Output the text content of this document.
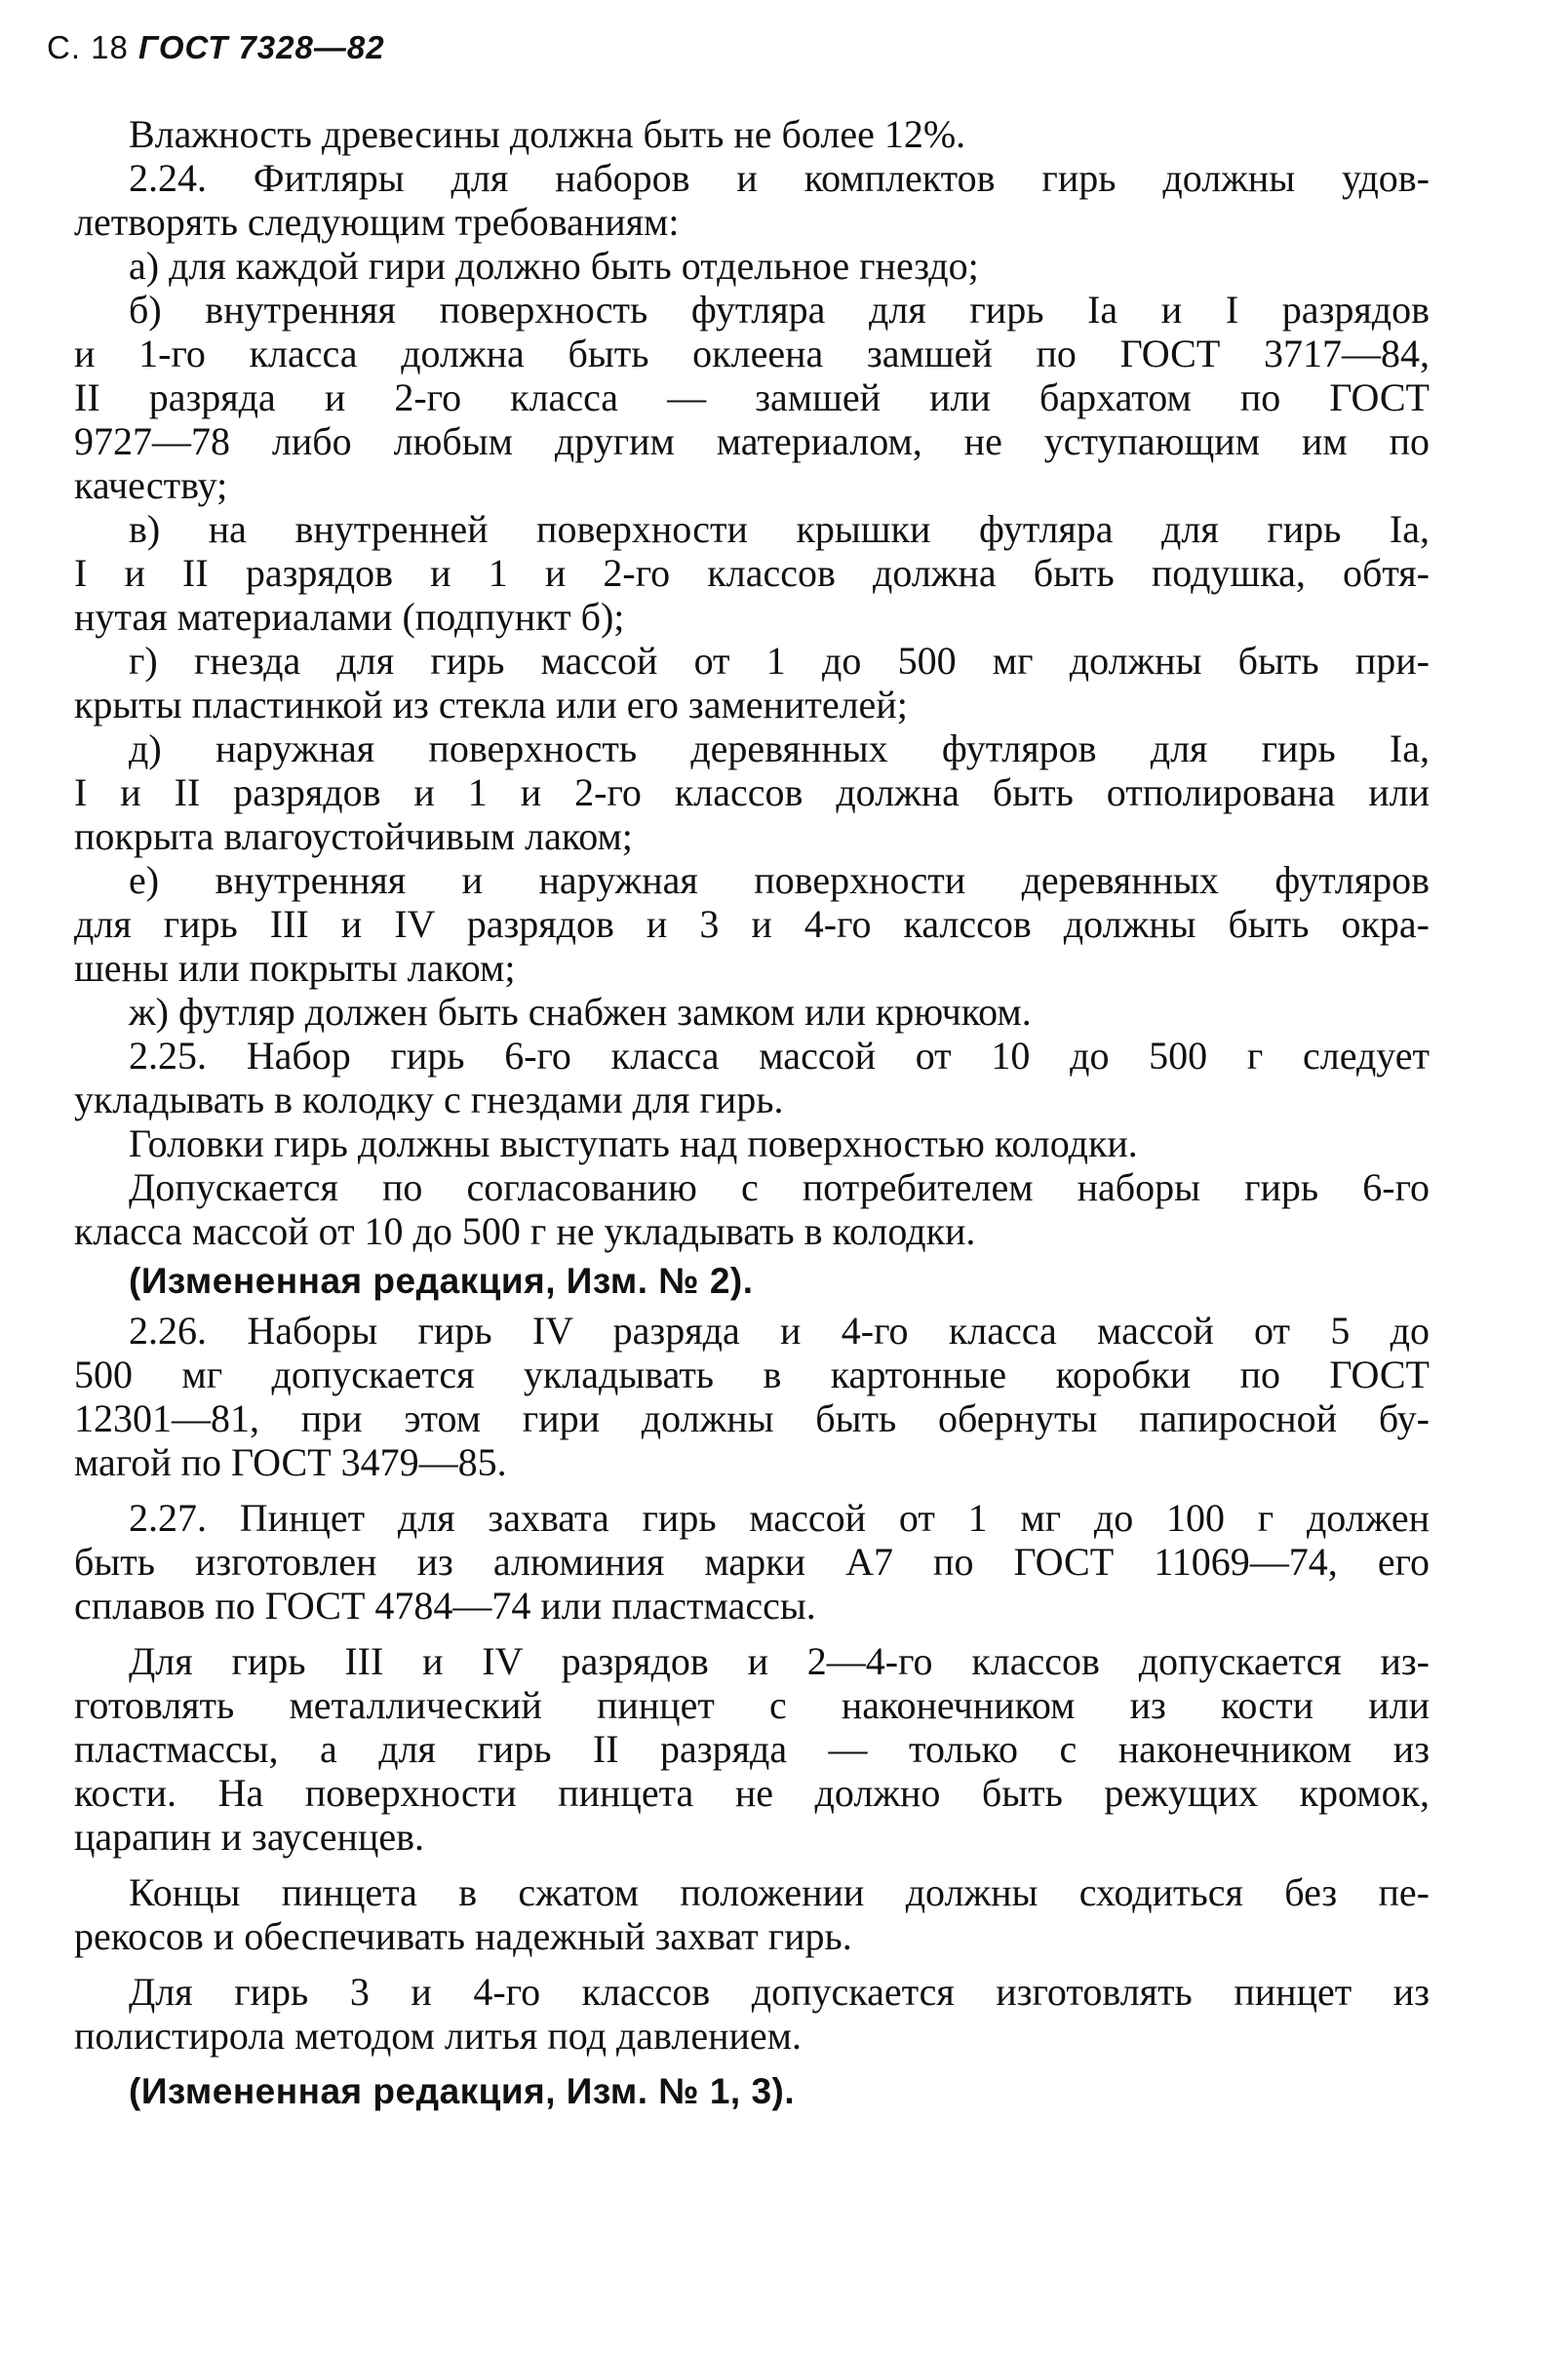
С. 18 ГОСТ 7328—82
Влажность древесины должна быть не более 12%.
2.24. Фитляры для наборов и комплектов гирь должны удов-
летворять следующим требованиям:
а) для каждой гири должно быть отдельное гнездо;
б) внутренняя поверхность футляра для гирь Iа и I разрядов
и 1-го класса должна быть оклеена замшей по ГОСТ 3717—84,
II разряда и 2-го класса — замшей или бархатом по ГОСТ
9727—78 либо любым другим материалом, не уступающим им по
качеству;
в) на внутренней поверхности крышки футляра для гирь Iа,
I и II разрядов и 1 и 2-го классов должна быть подушка, обтя-
нутая материалами (подпункт б);
г) гнезда для гирь массой от 1 до 500 мг должны быть при-
крыты пластинкой из стекла или его заменителей;
д) наружная поверхность деревянных футляров для гирь Iа,
I и II разрядов и 1 и 2-го классов должна быть отполирована или
покрыта влагоустойчивым лаком;
е) внутренняя и наружная поверхности деревянных футляров
для гирь III и IV разрядов и 3 и 4-го калссов должны быть окра-
шены или покрыты лаком;
ж) футляр должен быть снабжен замком или крючком.
2.25. Набор гирь 6-го класса массой от 10 до 500 г следует
укладывать в колодку с гнездами для гирь.
Головки гирь должны выступать над поверхностью колодки.
Допускается по согласованию с потребителем наборы гирь 6-го
класса массой от 10 до 500 г не укладывать в колодки.
(Измененная редакция, Изм. № 2).
2.26. Наборы гирь IV разряда и 4-го класса массой от 5 до
500 мг допускается укладывать в картонные коробки по ГОСТ
12301—81, при этом гири должны быть обернуты папиросной бу-
магой по ГОСТ 3479—85.
2.27. Пинцет для захвата гирь массой от 1 мг до 100 г должен
быть изготовлен из алюминия марки А7 по ГОСТ 11069—74, его
сплавов по ГОСТ 4784—74 или пластмассы.
Для гирь III и IV разрядов и 2—4-го классов допускается из-
готовлять металлический пинцет с наконечником из кости или
пластмассы, а для гирь II разряда — только с наконечником из
кости. На поверхности пинцета не должно быть режущих кромок,
царапин и заусенцев.
Концы пинцета в сжатом положении должны сходиться без пе-
рекосов и обеспечивать надежный захват гирь.
Для гирь 3 и 4-го классов допускается изготовлять пинцет из
полистирола методом литья под давлением.
(Измененная редакция, Изм. № 1, 3).
